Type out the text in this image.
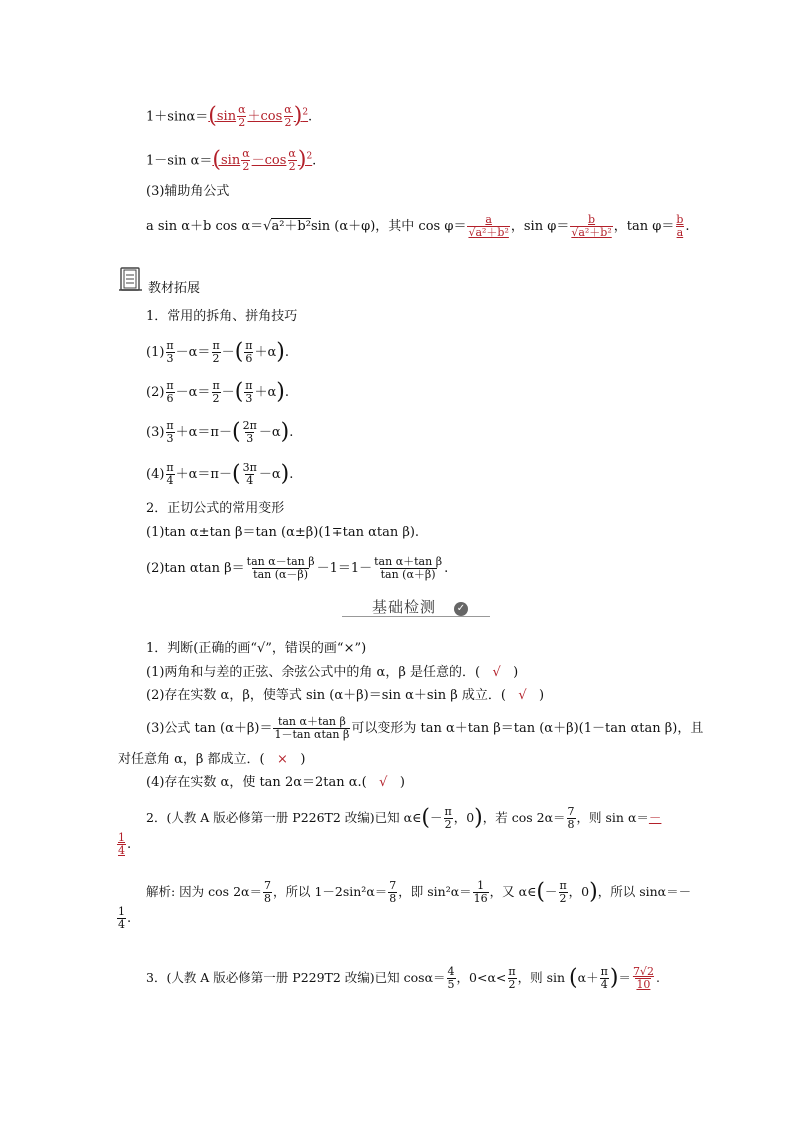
$1+\sin\alpha=(\sin \frac{\alpha}{2} +\cos \frac{\alpha}{2} )^2$.
1－sin $\alpha=(\sin \frac{\alpha}{2} -\cos \frac{\alpha}{2} )^2$.
(3)辅助角公式
a sin α＋b cos α＝√a²＋b²sin (α＋φ)，其中 $\cos \varphi= \frac{a}{\text{√a²＋b²}}$ ，$\sin \varphi= \frac{b}{\text{√a²＋b²}}$ ，$\tan \varphi= \frac{b}{a}$ .
教材拓展
1．常用的拆角、拼角技巧
$(1) \frac{\pi}{3} -\alpha= \frac{\pi}{2}$ －( $\frac{\pi}{6} +\alpha$).
$(2) \frac{\pi}{6} -\alpha= \frac{\pi}{2}$ －( $\frac{\pi}{3} +\alpha$).
$(3) \frac{\pi}{3} +\alpha=\pi-( \frac{2\pi}{3} -\alpha)$.
$(4) \frac{\pi}{4} +\alpha=\pi-( \frac{3\pi}{4} -\alpha)$.
2．正切公式的常用变形
(1)tan α±tan β＝tan (α±β)(1∓tan αtan β).
(2)tan αtan $\beta= \frac{\text{tan α－tan β}}{\tan (\alpha-\beta)} -1=1- \frac{\text{tan α＋tan β}}{\tan (\alpha+\beta)}$ .
基础检测 ✓
1．判断(正确的画“√”，错误的画“×”)
(1)两角和与差的正弦、余弦公式中的角 α，β 是任意的．( √ )
(2)存在实数 α，β，使等式 sin (α＋β)＝sin α＋sin β 成立．( √ )
(3)公式 $\tan (\alpha+\beta)= \frac{\text{tan α＋tan β}}{\text{1－tan αtan β}}$ 可以变形为 tan α＋tan β＝tan (α＋β)(1－tan αtan β)，且
对任意角 α，β 都成立．( × )
(4)存在实数 α，使 tan 2α＝2tan α.( √ )
2．(人教 A 版必修第一册 P226T2 改编)已知 α∈(－ $\frac{\pi}{2}$ ，0)，若 $\cos 2\alpha= \frac{7}{8}$ ，则 sin α＝－
$\frac{1}{4}$ .
解析: 因为 $\cos 2\alpha= \frac{7}{8}$ ，所以 $1-2\sin^2\alpha= \frac{7}{8}$ ，即 $\sin^2\alpha= \frac{1}{16}$ ，又 α∈(－ $\frac{\pi}{2}$ ，0)，所以 sinα＝－
$\frac{1}{4}$ .
3．(人教 A 版必修第一册 P229T2 改编)已知 $\cos\alpha= \frac{4}{5}$ ，$0<\alpha< \frac{\pi}{2}$ ，则 $\sin (\alpha+ \frac{\pi}{4}$ )＝ $\frac{7√2}{10}$ .
